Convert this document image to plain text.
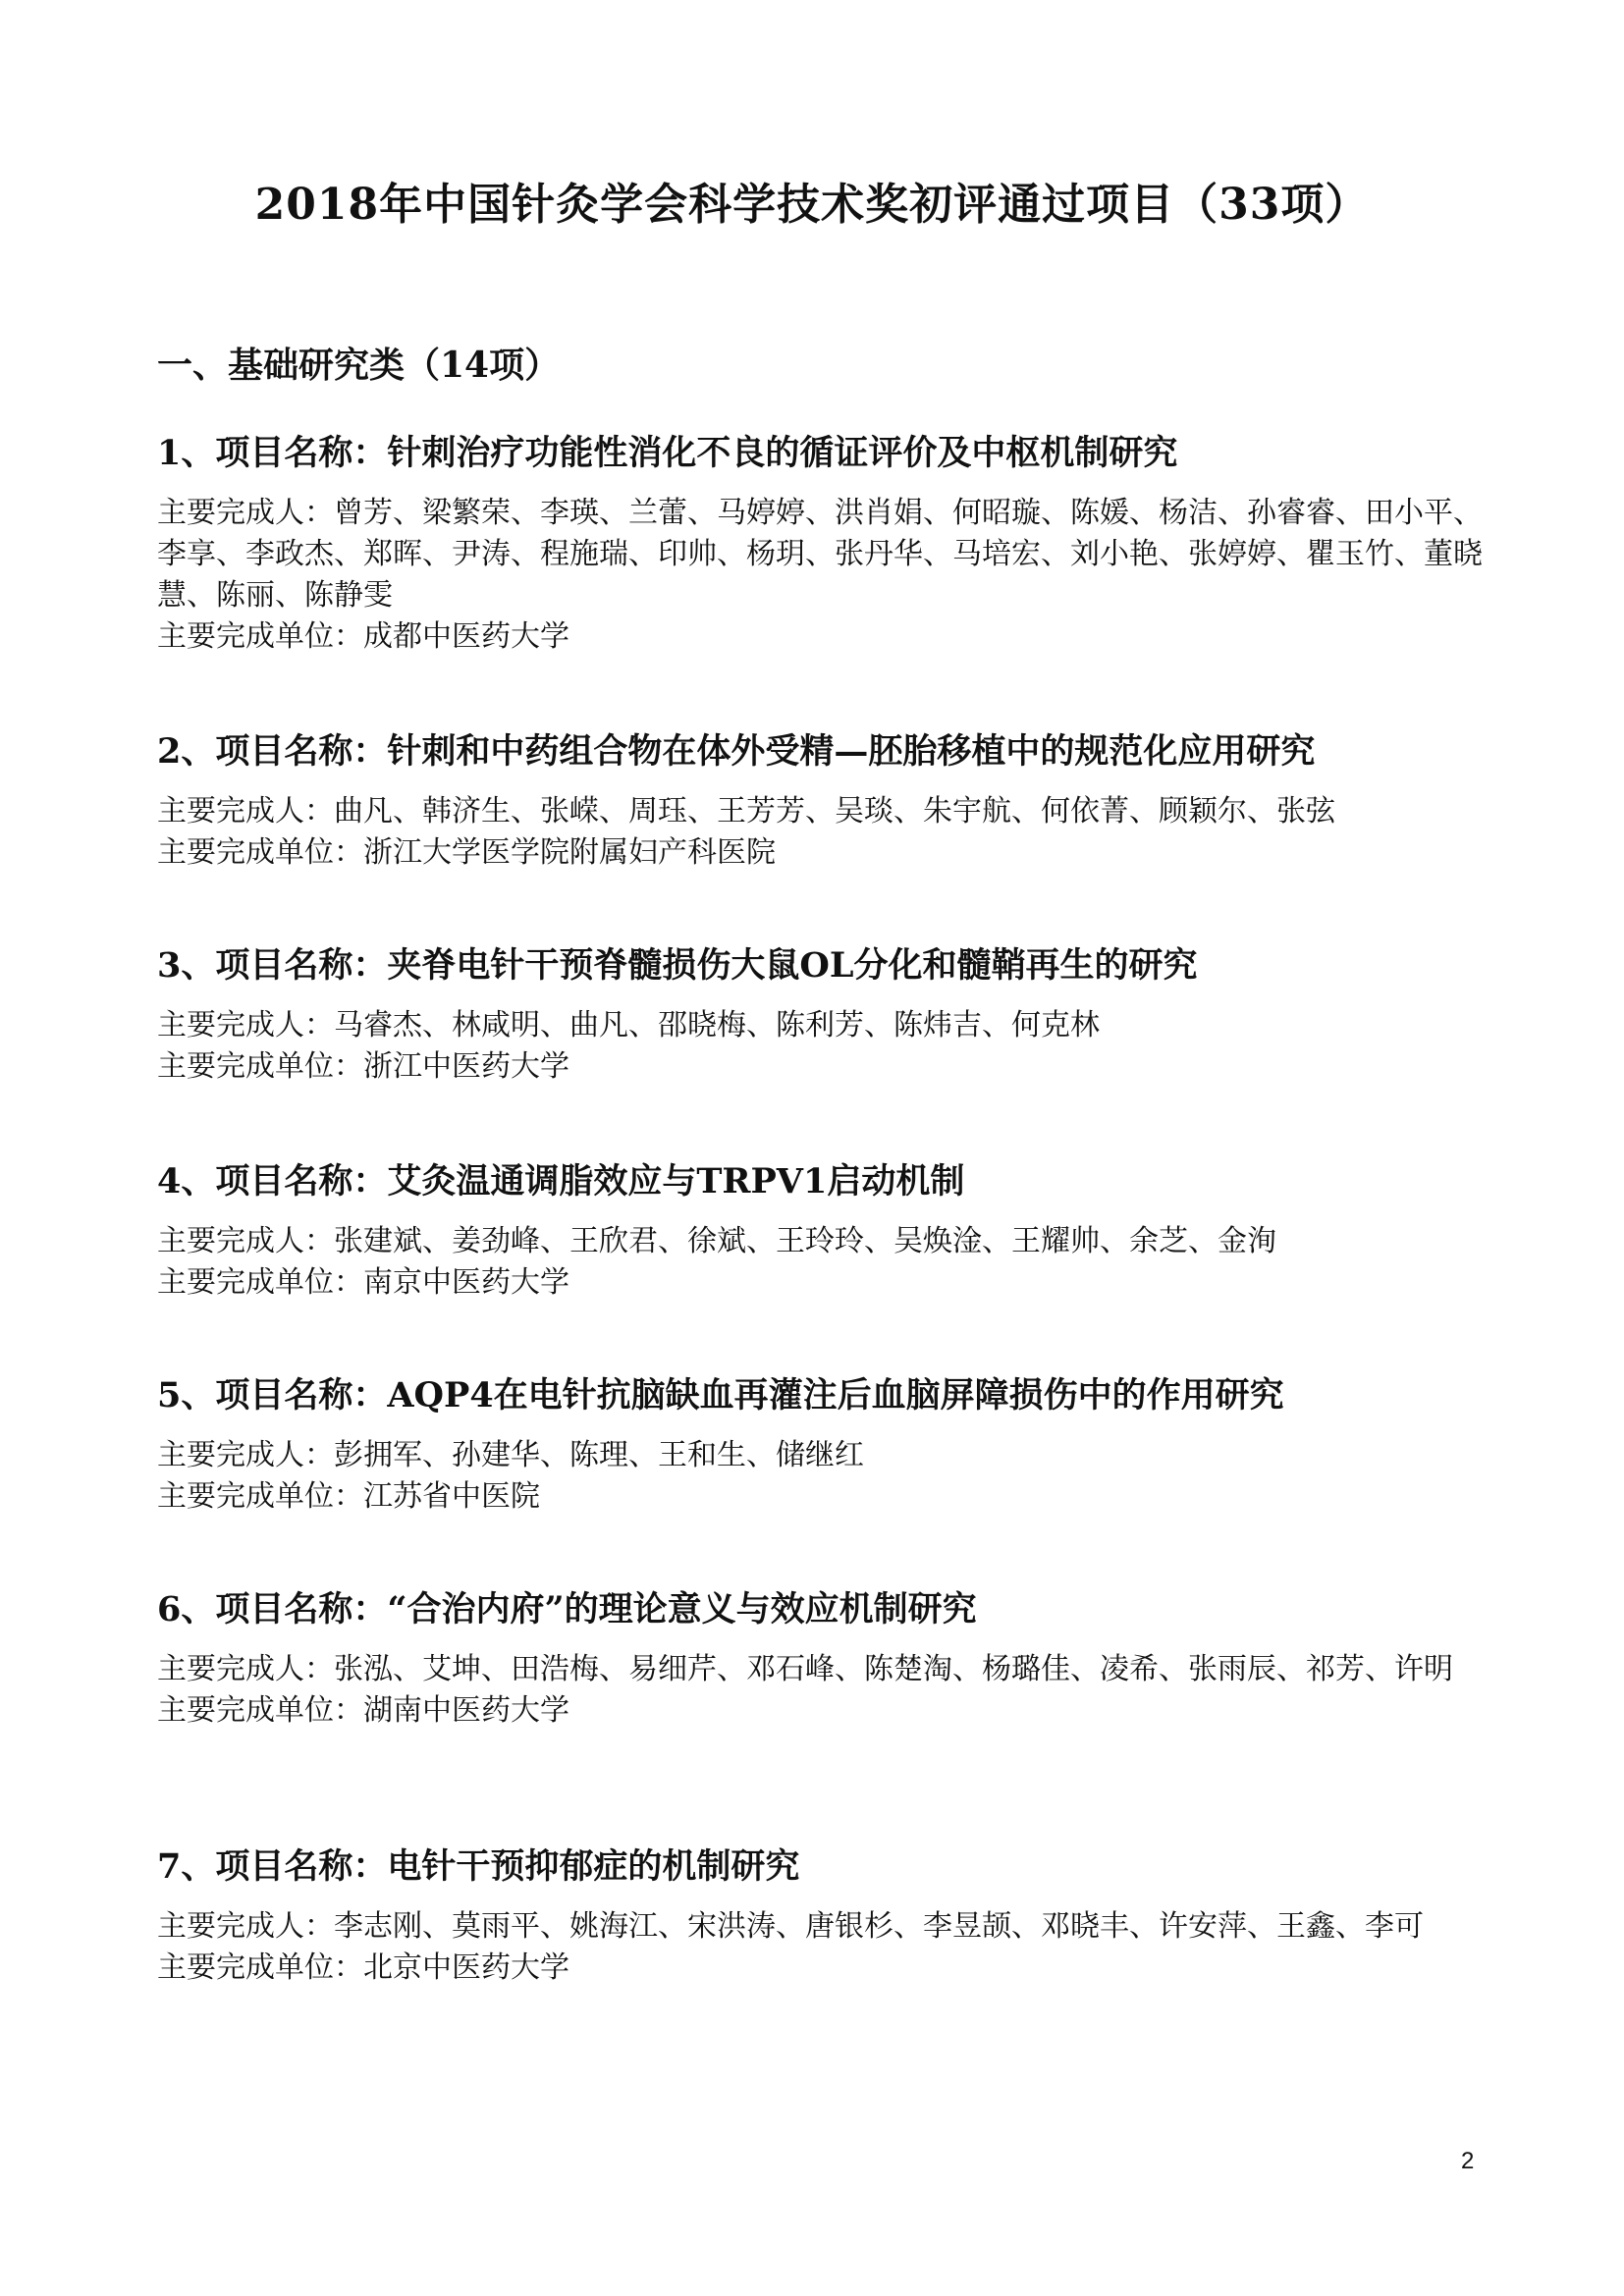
2018年中国针灸学会科学技术奖初评通过项目（33项）
一、基础研究类（14项）

1、项目名称：针刺治疗功能性消化不良的循证评价及中枢机制研究

主要完成人：曾芳、梁繁荣、李瑛、兰蕾、马婷婷、洪肖娟、何昭璇、陈媛、杨洁、孙睿睿、田小平、李享、李政杰、郑晖、尹涛、程施瑞、印帅、杨玥、张丹华、马培宏、刘小艳、张婷婷、瞿玉竹、董晓慧、陈丽、陈静雯

主要完成单位：成都中医药大学

2、项目名称：针刺和中药组合物在体外受精—胚胎移植中的规范化应用研究

主要完成人：曲凡、韩济生、张嵘、周珏、王芳芳、吴琰、朱宇航、何依菁、顾颖尔、张弦

主要完成单位：浙江大学医学院附属妇产科医院

3、项目名称：夹脊电针干预脊髓损伤大鼠OL分化和髓鞘再生的研究

主要完成人：马睿杰、林咸明、曲凡、邵晓梅、陈利芳、陈炜吉、何克林

主要完成单位：浙江中医药大学

4、项目名称：艾灸温通调脂效应与TRPV1启动机制

主要完成人：张建斌、姜劲峰、王欣君、徐斌、王玲玲、吴焕淦、王耀帅、余芝、金洵

主要完成单位：南京中医药大学

5、项目名称：AQP4在电针抗脑缺血再灌注后血脑屏障损伤中的作用研究

主要完成人：彭拥军、孙建华、陈理、王和生、储继红

主要完成单位：江苏省中医院

6、项目名称：“合治内府”的理论意义与效应机制研究

主要完成人：张泓、艾坤、田浩梅、易细芹、邓石峰、陈楚淘、杨璐佳、凌希、张雨辰、祁芳、许明

主要完成单位：湖南中医药大学

7、项目名称：电针干预抑郁症的机制研究

主要完成人：李志刚、莫雨平、姚海江、宋洪涛、唐银杉、李昱颉、邓晓丰、许安萍、王鑫、李可

主要完成单位：北京中医药大学

2
